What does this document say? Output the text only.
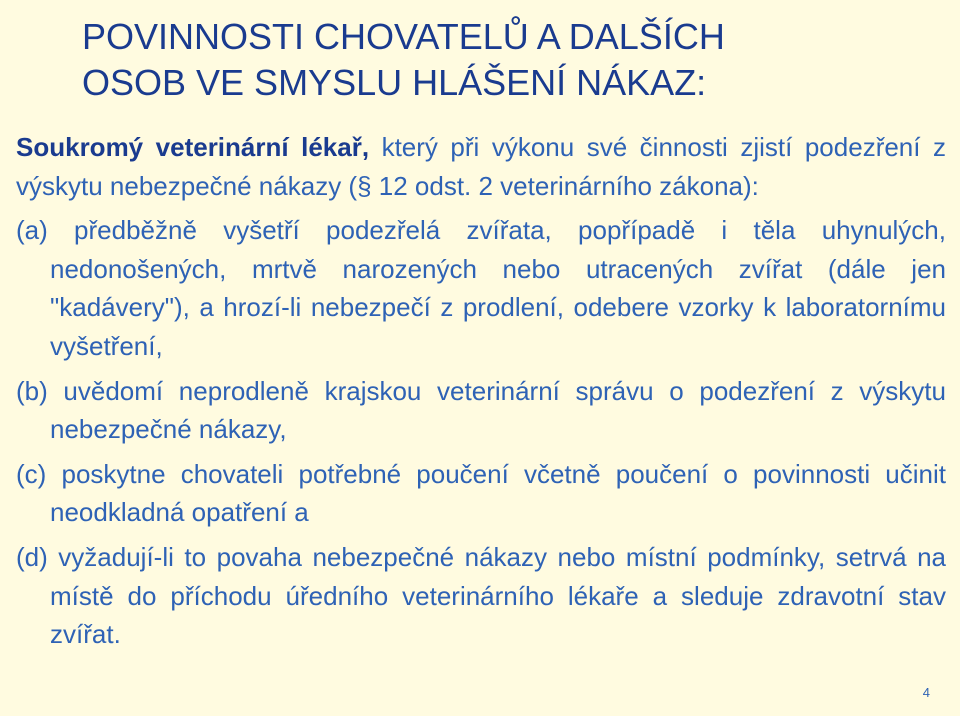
POVINNOSTI CHOVATELŮ A DALŠÍCH
OSOB VE SMYSLU HLÁŠENÍ NÁKAZ:
Soukromý veterinární lékař, který při výkonu své činnosti zjistí podezření z výskytu nebezpečné nákazy (§ 12 odst. 2 veterinárního zákona):
(a) předběžně vyšetří podezřelá zvířata, popřípadě i těla uhynulých, nedonošených, mrtvě narozených nebo utracených zvířat (dále jen "kadávery"), a hrozí-li nebezpečí z prodlení, odebere vzorky k laboratornímu vyšetření,
(b) uvědomí neprodleně krajskou veterinární správu o podezření z výskytu nebezpečné nákazy,
(c) poskytne chovateli potřebné poučení včetně poučení o povinnosti učinit neodkladná opatření a
(d) vyžadují-li to povaha nebezpečné nákazy nebo místní podmínky, setrvá na místě do příchodu úředního veterinárního lékaře a sleduje zdravotní stav zvířat.
4
